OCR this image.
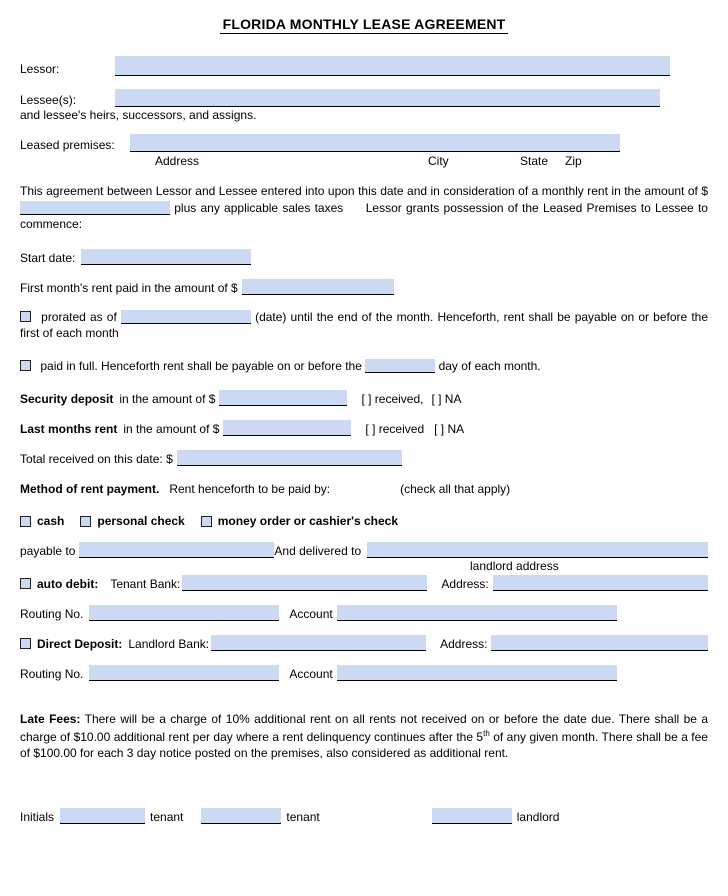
FLORIDA MONTHLY LEASE AGREEMENT
Lessor:
Lessee(s):
and lessee's heirs, successors, and assigns.
Leased premises:
Address	City	State Zip

This agreement between Lessor and Lessee entered into upon this date and in consideration of a monthly rent in the amount of $  plus any applicable sales taxes Lessor grants possession of the Leased Premises to Lessee to commence:

Start date:
First month's rent paid in the amount of $

prorated as of	(date) until the end of the month. Henceforth, rent shall be payable on or before the first of each month

paid in full. Henceforth rent shall be payable on or before the	day of each month.

Security deposit in the amount of $	[ ] received, [ ] NA
Last months rent in the amount of $	[ ] received [ ] NA
Total received on this date: $
Method of rent payment. Rent henceforth to be paid by:	(check all that apply)
cash	personal check	money order or cashier's check
payable to	And delivered to
landlord address
auto debit: Tenant Bank:	Address:
Routing No.	Account
Direct Deposit: Landlord Bank:	Address:
Routing No.	Account

Late Fees: There will be a charge of 10% additional rent on all rents not received on or before the date due. There shall be a charge of $10.00 additional rent per day where a rent delinquency continues after the 5th of any given month. There shall be a fee of $100.00 for each 3 day notice posted on the premises, also considered as additional rent.

Initials	tenant	tenant	landlord
